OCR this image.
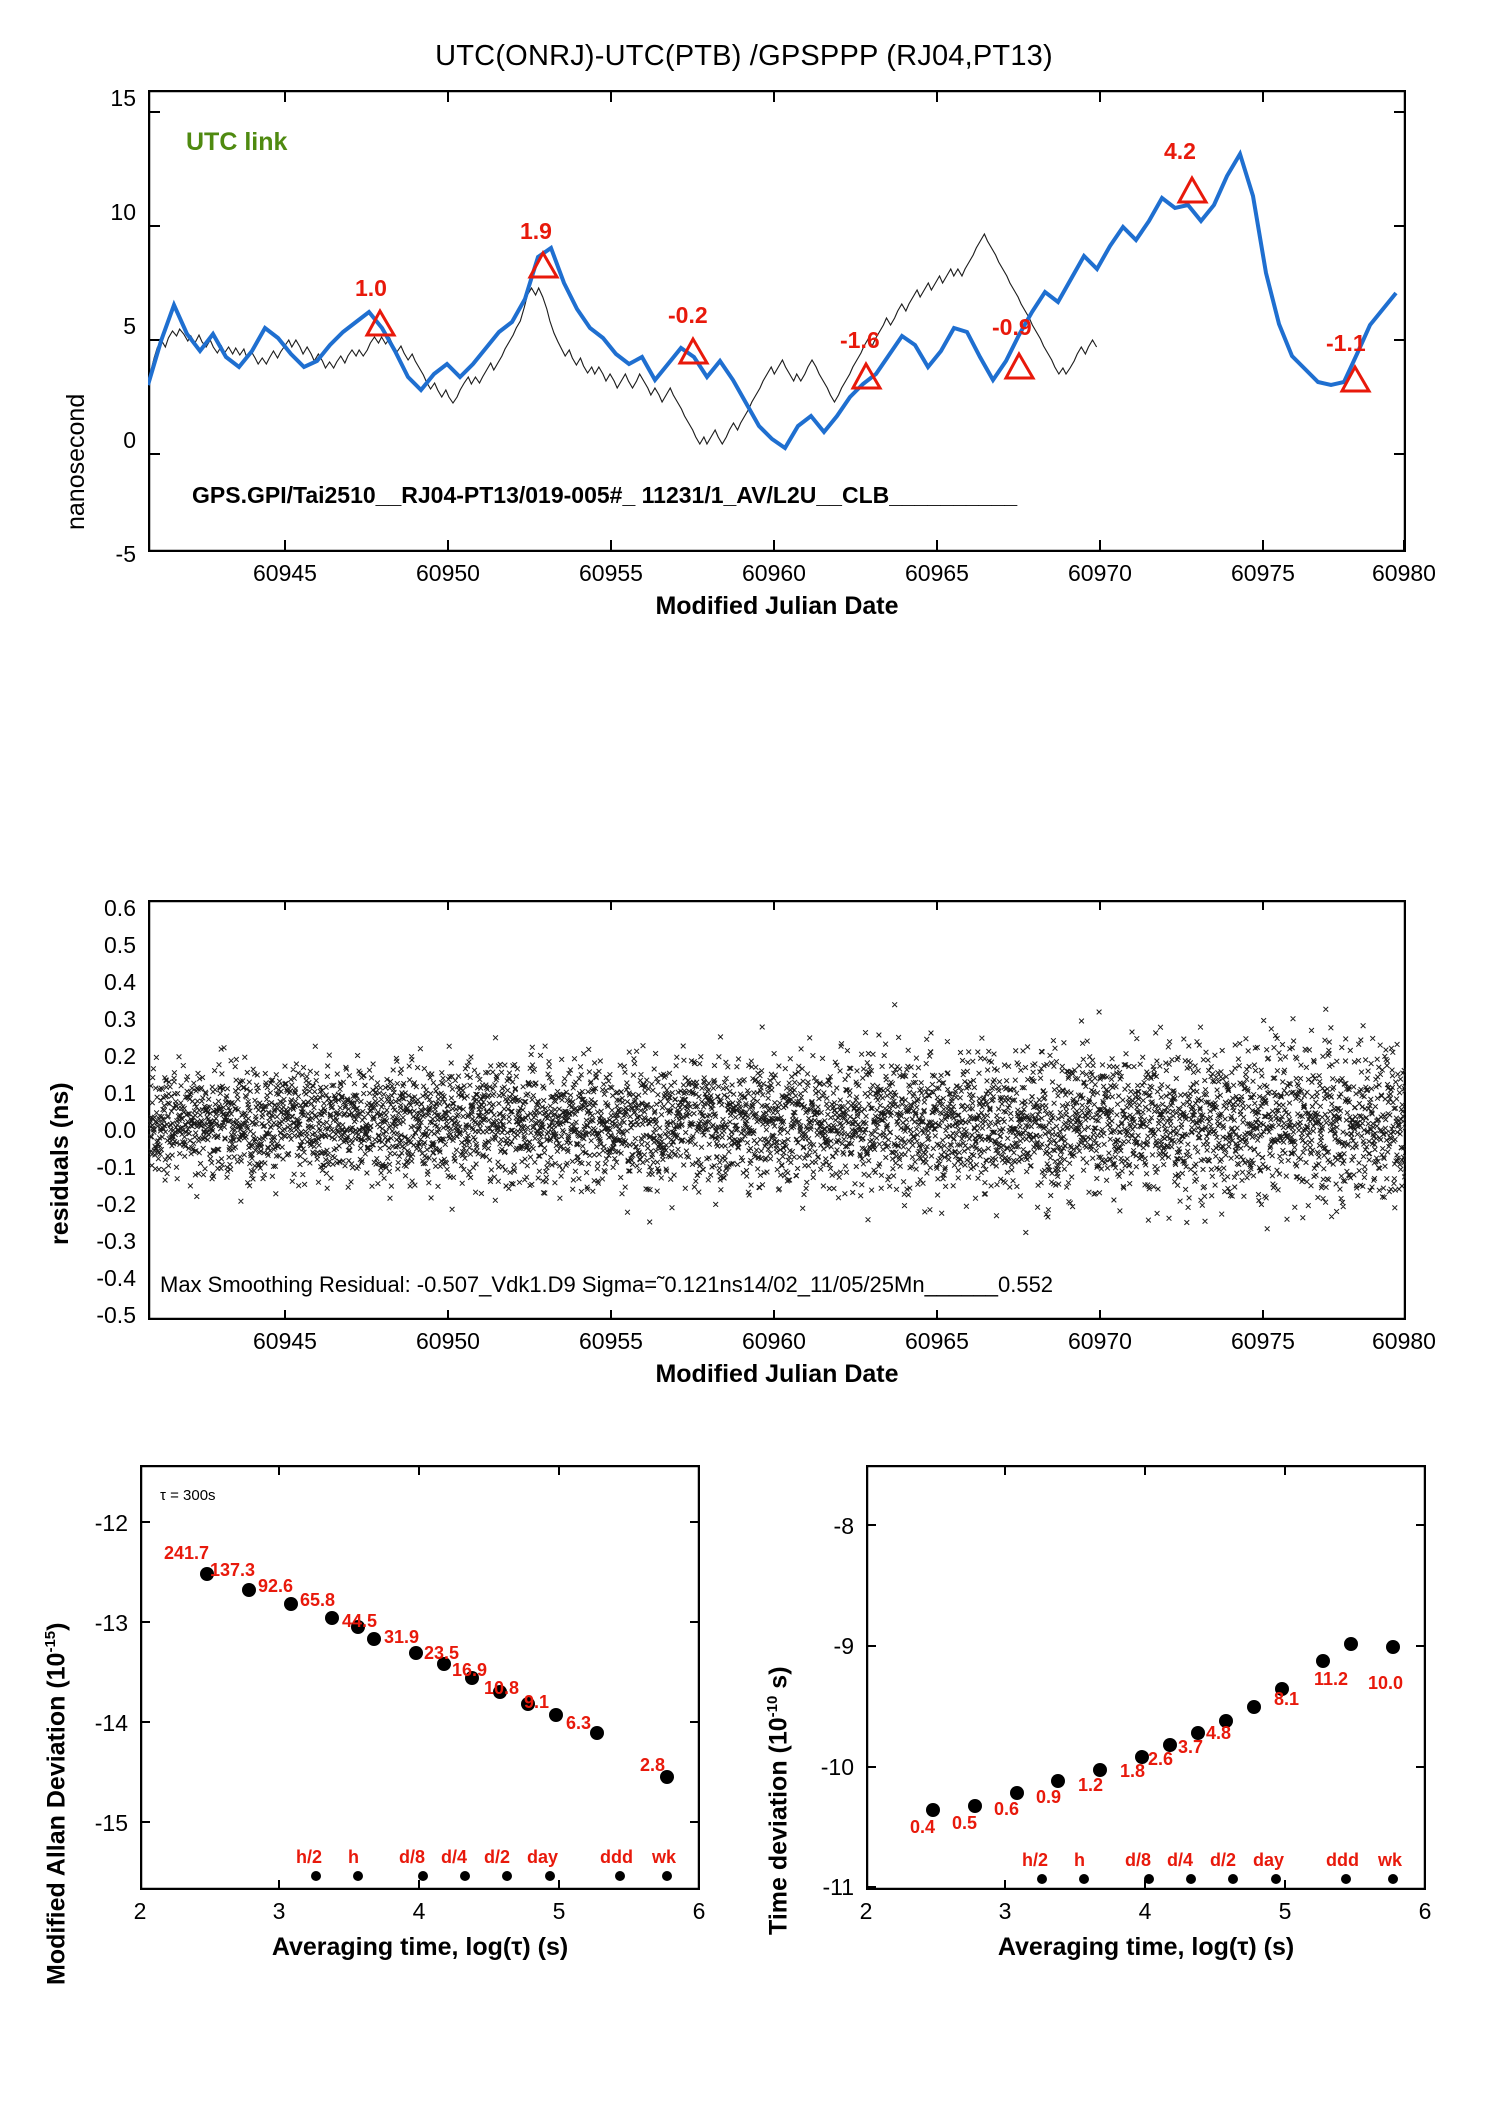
UTC(ONRJ)-UTC(PTB) /GPSPPP (RJ04,PT13)
nanosecond
15
10
5
0
-5
UTC link
1.0
1.9
-0.2
-1.6	-0.9
4.2
-1.1
GPS.GPI/Tai2510__RJ04-PT13/019-005#_ 11231/1_AV/L2U__CLB__________
60945	60950	60955	60960	60965	60970	60975	60980
Modified Julian Date
residuals (ns)
0.6
0.5
0.4
0.3
0.2
0.1
0.0
-0.1
-0.2
-0.3
-0.4
-0.5
Max Smoothing Residual: -0.507_Vdk1.D9 Sigma=˜0.121ns14/02_11/05/25Mn______0.552
60945	60950	60955	60960	60965	60970	60975	60980
Modified Julian Date
Modified Allan Deviation $(10^{-15})$
-12
-13
-14
-15
τ = 300s
241.7
137.3
92.6
65.8
44.5
31.9
23.5
16.9
10.8
9.1
6.3
2.8
h/2 h d/8 d/4 d/2 day ddd wk
2	3	4	5	6
Averaging time, log(τ) (s)
Time deviation ($10^{-10}$ s)
-8
-9
-10
-11
0.4 0.5
0.6
0.9
1.2
1.8
2.6
3.7
4.8
8.1
11.2 10.0
h/2 h d/8 d/4 d/2 day ddd wk
2	3	4	5	6
Averaging time, log(τ) (s)
